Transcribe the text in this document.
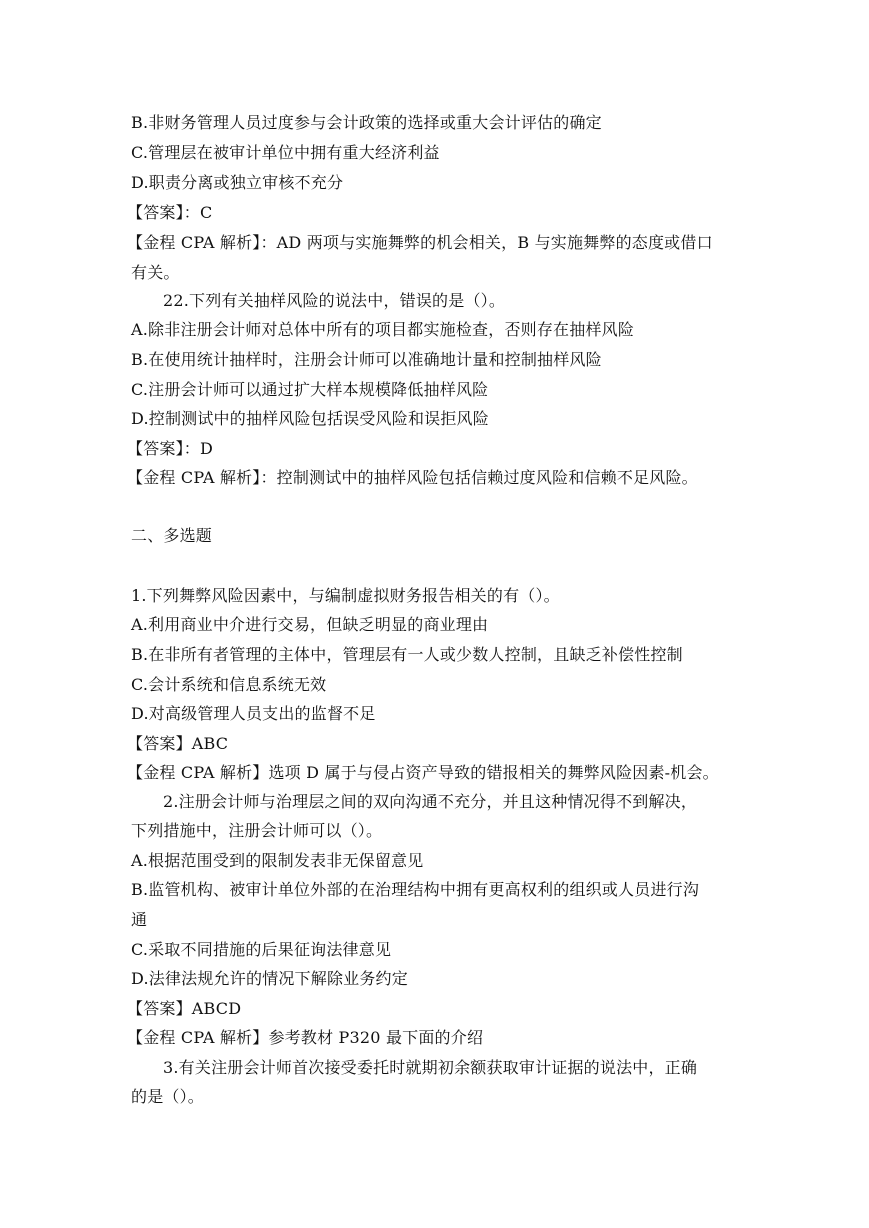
B.非财务管理人员过度参与会计政策的选择或重大会计评估的确定
C.管理层在被审计单位中拥有重大经济利益
D.职责分离或独立审核不充分
【答案】：C
【金程 CPA 解析】：AD 两项与实施舞弊的机会相关，B 与实施舞弊的态度或借口
有关。
22.下列有关抽样风险的说法中，错误的是（）。
A.除非注册会计师对总体中所有的项目都实施检查，否则存在抽样风险
B.在使用统计抽样时，注册会计师可以准确地计量和控制抽样风险
C.注册会计师可以通过扩大样本规模降低抽样风险
D.控制测试中的抽样风险包括误受风险和误拒风险
【答案】：D
【金程 CPA 解析】：控制测试中的抽样风险包括信赖过度风险和信赖不足风险。
二、多选题
1.下列舞弊风险因素中，与编制虚拟财务报告相关的有（）。
A.利用商业中介进行交易，但缺乏明显的商业理由
B.在非所有者管理的主体中，管理层有一人或少数人控制，且缺乏补偿性控制
C.会计系统和信息系统无效
D.对高级管理人员支出的监督不足
【答案】ABC
【金程 CPA 解析】选项 D 属于与侵占资产导致的错报相关的舞弊风险因素-机会。
2.注册会计师与治理层之间的双向沟通不充分，并且这种情况得不到解决，
下列措施中，注册会计师可以（）。
A.根据范围受到的限制发表非无保留意见
B.监管机构、被审计单位外部的在治理结构中拥有更高权利的组织或人员进行沟
通
C.采取不同措施的后果征询法律意见
D.法律法规允许的情况下解除业务约定
【答案】ABCD
【金程 CPA 解析】参考教材 P320 最下面的介绍
3.有关注册会计师首次接受委托时就期初余额获取审计证据的说法中，正确
的是（）。
